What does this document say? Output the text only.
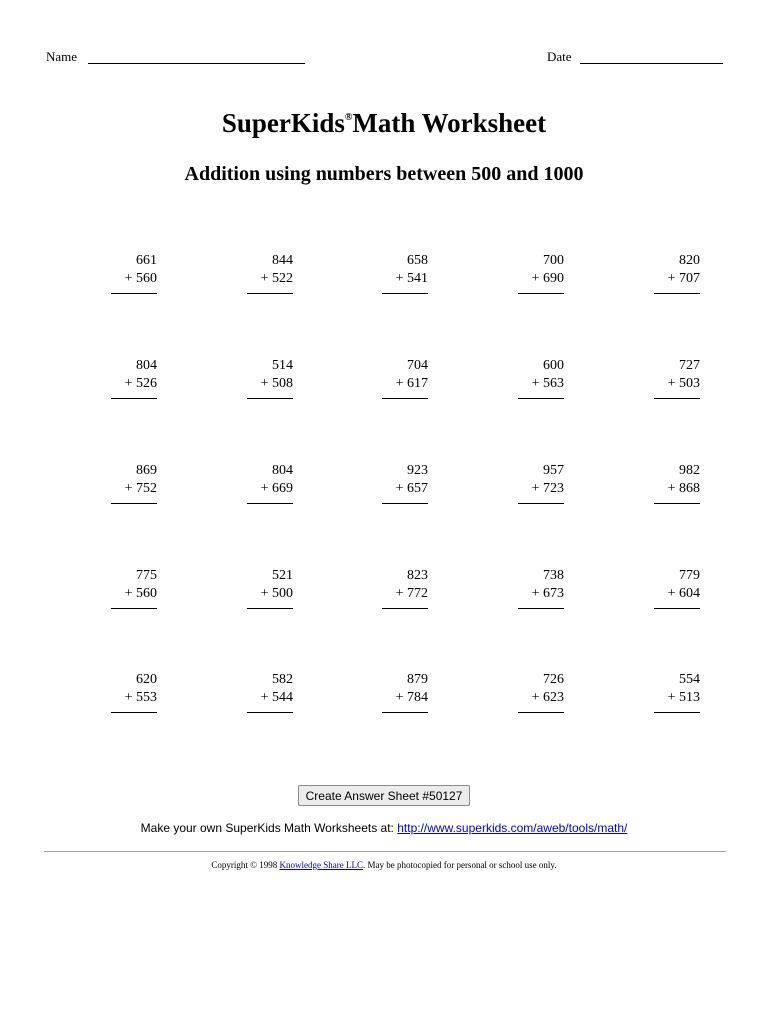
Name	Date
SuperKids®Math Worksheet
Addition using numbers between 500 and 1000
661
+ 560
844
+ 522
658
+ 541
700
+ 690
820
+ 707
804
+ 526
514
+ 508
704
+ 617
600
+ 563
727
+ 503
869
+ 752
804
+ 669
923
+ 657
957
+ 723
982
+ 868
775
+ 560
521
+ 500
823
+ 772
738
+ 673
779
+ 604
620
+ 553
582
+ 544
879
+ 784
726
+ 623
554
+ 513
Create Answer Sheet #50127
Make your own SuperKids Math Worksheets at: http://www.superkids.com/aweb/tools/math/
Copyright © 1998 Knowledge Share LLC. May be photocopied for personal or school use only.
